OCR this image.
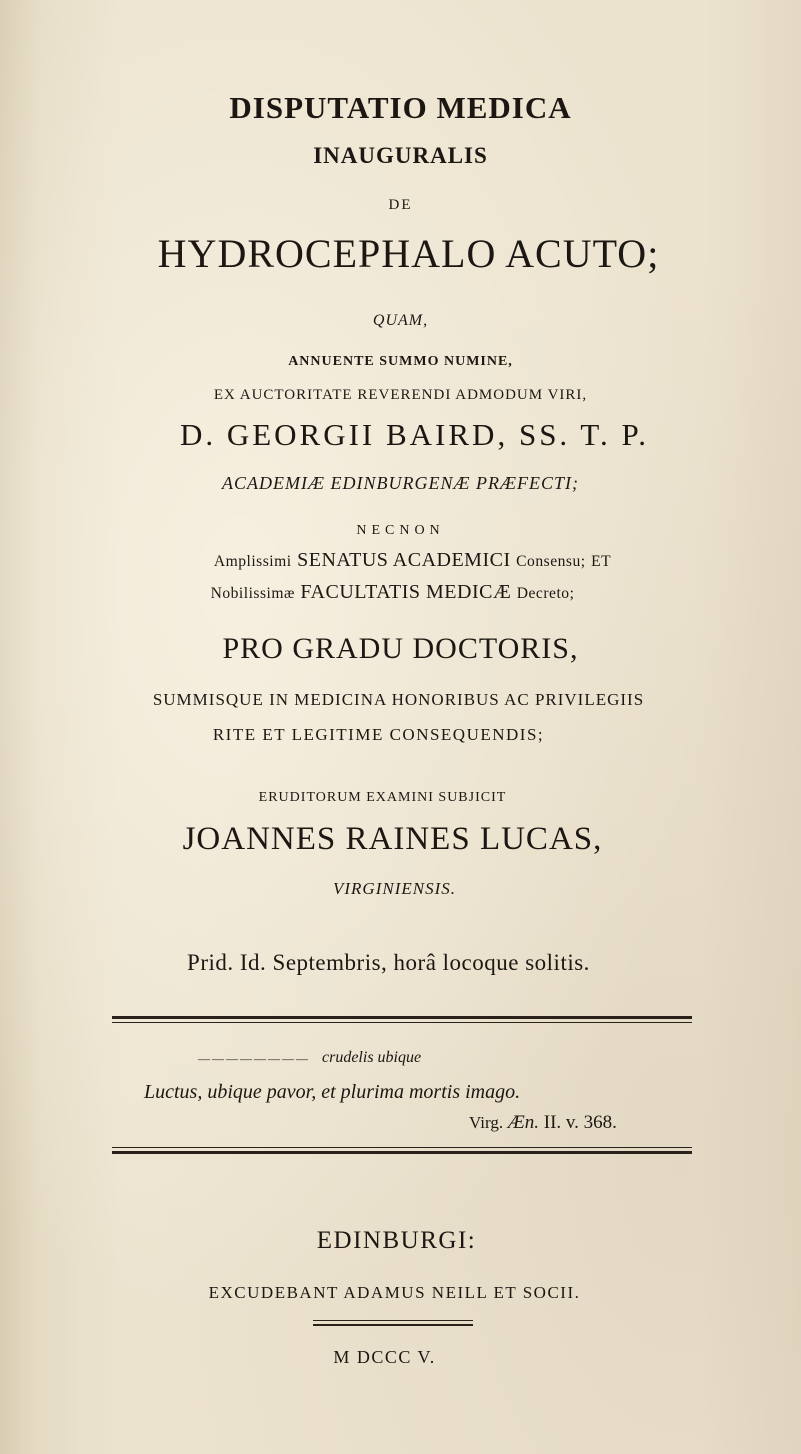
DISPUTATIO MEDICA
INAUGURALIS
DE
HYDROCEPHALO ACUTO;
QUAM,
ANNUENTE SUMMO NUMINE,
EX AUCTORITATE REVERENDI ADMODUM VIRI,
D. GEORGII BAIRD, SS. T. P.
ACADEMIÆ EDINBURGENÆ PRÆFECTI;
NECNON
Amplissimi SENATUS ACADEMICI Consensu; ET
Nobilissimæ FACULTATIS MEDICÆ Decreto;
PRO GRADU DOCTORIS,
SUMMISQUE IN MEDICINA HONORIBUS AC PRIVILEGIIS
RITE ET LEGITIME CONSEQUENDIS;
ERUDITORUM EXAMINI SUBJICIT
JOANNES RAINES LUCAS,
VIRGINIENSIS.
Prid. Id. Septembris, horâ locoque solitis.
———————— crudelis ubique
Luctus, ubique pavor, et plurima mortis imago.
Virg. Æn. II. v. 368.
EDINBURGI:
EXCUDEBANT ADAMUS NEILL ET SOCII.
M DCCC V.
